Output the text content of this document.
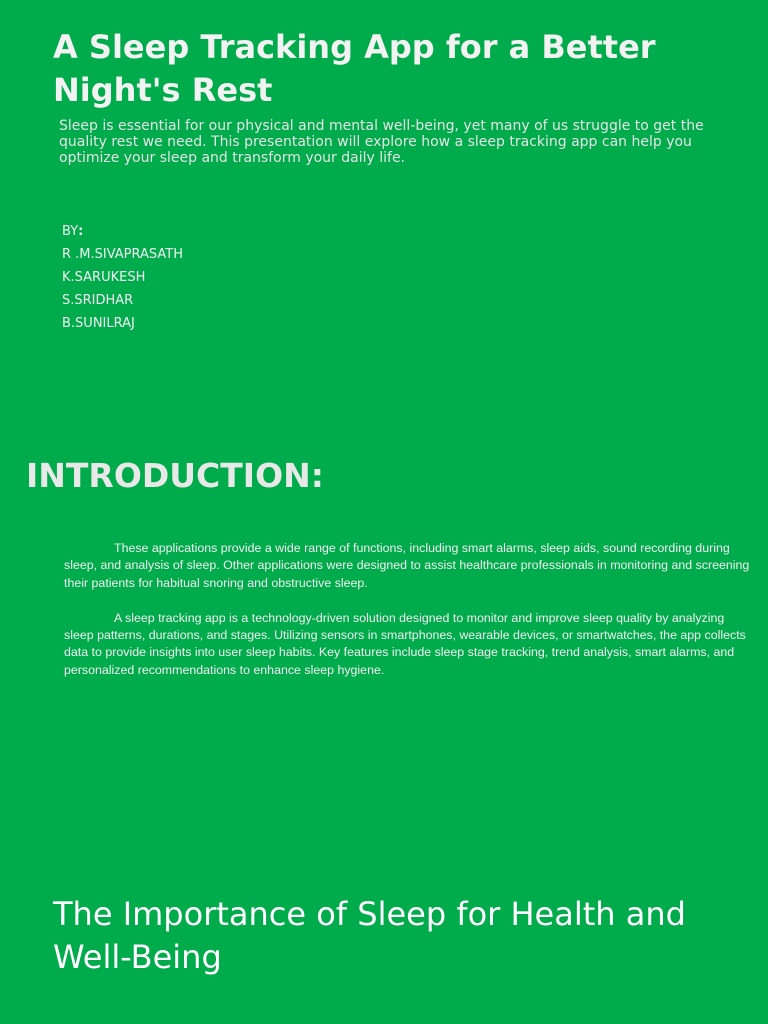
A Sleep Tracking App for a Better Night's Rest

Sleep is essential for our physical and mental well-being, yet many of us struggle to get the quality rest we need. This presentation will explore how a sleep tracking app can help you optimize your sleep and transform your daily life.

BY:
R .M.SIVAPRASATH
K.SARUKESH
S.SRIDHAR
B.SUNILRAJ
INTRODUCTION:

These applications provide a wide range of functions, including smart alarms, sleep aids, sound recording during sleep, and analysis of sleep. Other applications were designed to assist healthcare professionals in monitoring and screening their patients for habitual snoring and obstructive sleep.

A sleep tracking app is a technology-driven solution designed to monitor and improve sleep quality by analyzing sleep patterns, durations, and stages. Utilizing sensors in smartphones, wearable devices, or smartwatches, the app collects data to provide insights into user sleep habits. Key features include sleep stage tracking, trend analysis, smart alarms, and personalized recommendations to enhance sleep hygiene.

The Importance of Sleep for Health and Well-Being
